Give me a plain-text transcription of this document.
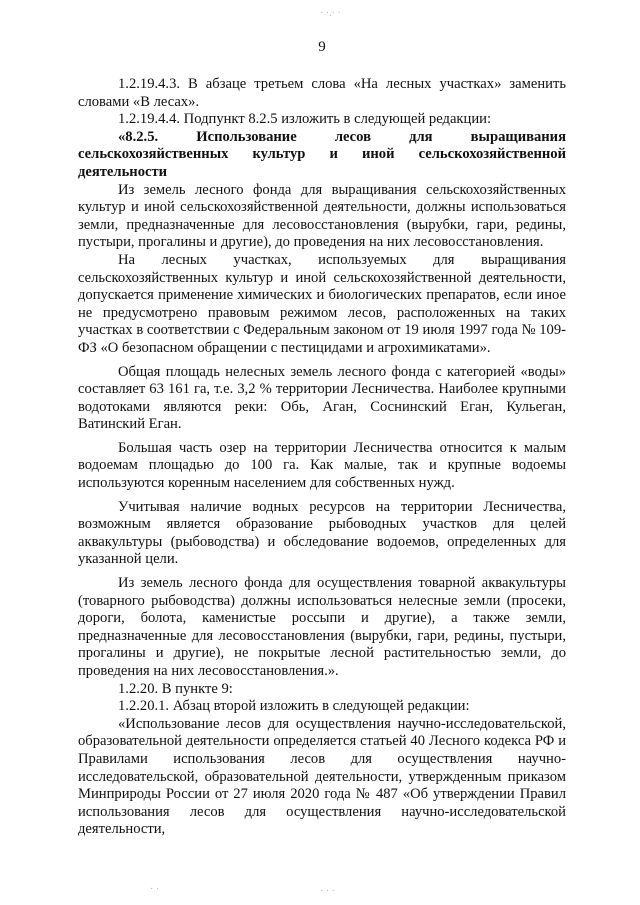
9

1.2.19.4.3. В абзаце третьем слова «На лесных участках» заменить словами «В лесах».

1.2.19.4.4. Подпункт 8.2.5 изложить в следующей редакции:

«8.2.5. Использование лесов для выращивания сельскохозяйственных культур и иной сельскохозяйственной деятельности

Из земель лесного фонда для выращивания сельскохозяйственных культур и иной сельскохозяйственной деятельности, должны использоваться земли, предназначенные для лесовосстановления (вырубки, гари, редины, пустыри, прогалины и другие), до проведения на них лесовосстановления.

На лесных участках, используемых для выращивания сельскохозяйственных культур и иной сельскохозяйственной деятельности, допускается применение химических и биологических препаратов, если иное не предусмотрено правовым режимом лесов, расположенных на таких участках в соответствии с Федеральным законом от 19 июля 1997 года № 109-ФЗ «О безопасном обращении с пестицидами и агрохимикатами».

Общая площадь нелесных земель лесного фонда с категорией «воды» составляет 63 161 га, т.е. 3,2 % территории Лесничества. Наиболее крупными водотоками являются реки: Обь, Аган, Соснинский Еган, Кульеган, Ватинский Еган.

Большая часть озер на территории Лесничества относится к малым водоемам площадью до 100 га. Как малые, так и крупные водоемы используются коренным населением для собственных нужд.

Учитывая наличие водных ресурсов на территории Лесничества, возможным является образование рыбоводных участков для целей аквакультуры (рыбоводства) и обследование водоемов, определенных для указанной цели.

Из земель лесного фонда для осуществления товарной аквакультуры (товарного рыбоводства) должны использоваться нелесные земли (просеки, дороги, болота, каменистые россыпи и другие), а также земли, предназначенные для лесовосстановления (вырубки, гари, редины, пустыри, прогалины и другие), не покрытые лесной растительностью земли, до проведения на них лесовосстановления.».

1.2.20. В пункте 9:

1.2.20.1. Абзац второй изложить в следующей редакции:

«Использование лесов для осуществления научно-исследовательской, образовательной деятельности определяется статьей 40 Лесного кодекса РФ и Правилами использования лесов для осуществления научно-исследовательской, образовательной деятельности, утвержденным приказом Минприроды России от 27 июля 2020 года № 487 «Об утверждении Правил использования лесов для осуществления научно-исследовательской деятельности,

· ·.· ·
· ·	· · ·
